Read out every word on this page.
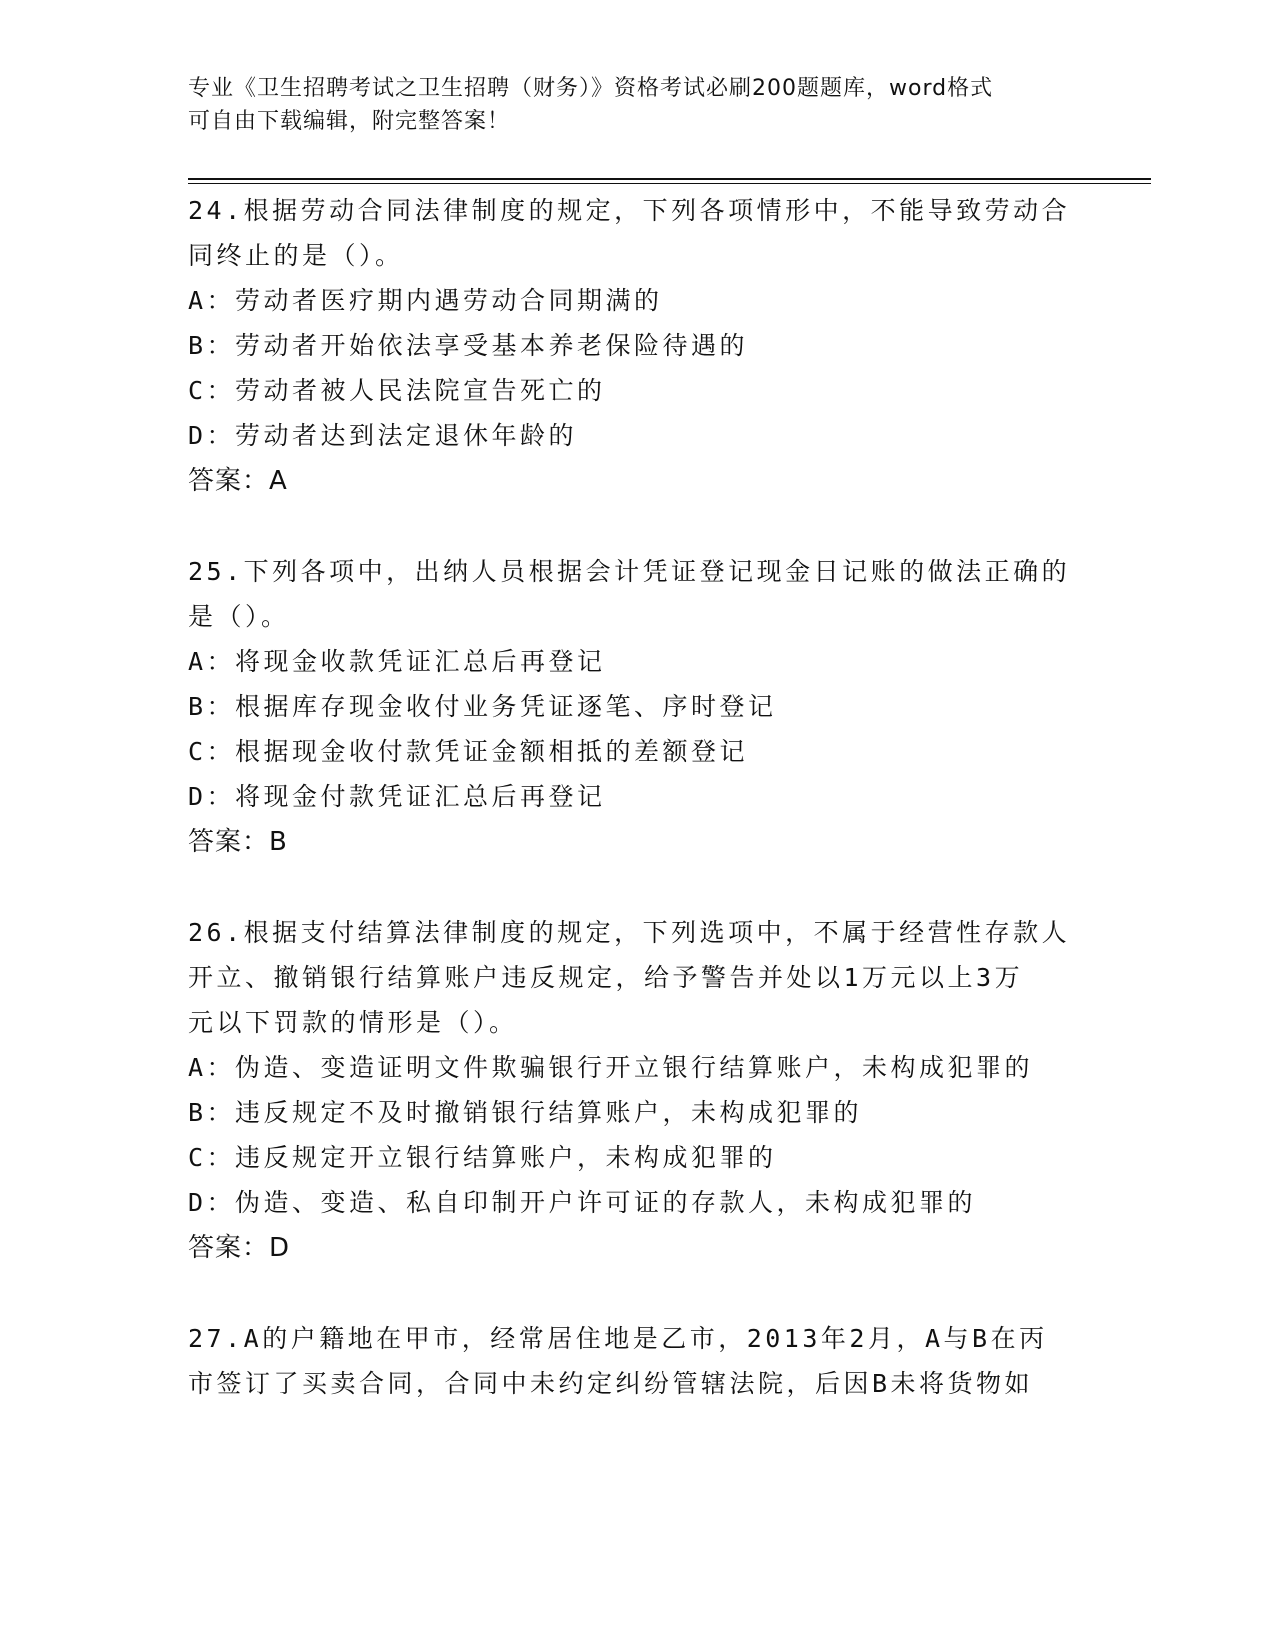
专业《卫生招聘考试之卫生招聘（财务）》资格考试必刷200题题库，word格式
可自由下载编辑，附完整答案！
24.根据劳动合同法律制度的规定，下列各项情形中，不能导致劳动合
同终止的是（）。
A：劳动者医疗期内遇劳动合同期满的
B：劳动者开始依法享受基本养老保险待遇的
C：劳动者被人民法院宣告死亡的
D：劳动者达到法定退休年龄的
答案：A
25.下列各项中，出纳人员根据会计凭证登记现金日记账的做法正确的
是（）。
A：将现金收款凭证汇总后再登记
B：根据库存现金收付业务凭证逐笔、序时登记
C：根据现金收付款凭证金额相抵的差额登记
D：将现金付款凭证汇总后再登记
答案：B
26.根据支付结算法律制度的规定，下列选项中，不属于经营性存款人
开立、撤销银行结算账户违反规定，给予警告并处以1万元以上3万
元以下罚款的情形是（）。
A：伪造、变造证明文件欺骗银行开立银行结算账户，未构成犯罪的
B：违反规定不及时撤销银行结算账户，未构成犯罪的
C：违反规定开立银行结算账户，未构成犯罪的
D：伪造、变造、私自印制开户许可证的存款人，未构成犯罪的
答案：D
27.A的户籍地在甲市，经常居住地是乙市，2013年2月，A与B在丙
市签订了买卖合同，合同中未约定纠纷管辖法院，后因B未将货物如
